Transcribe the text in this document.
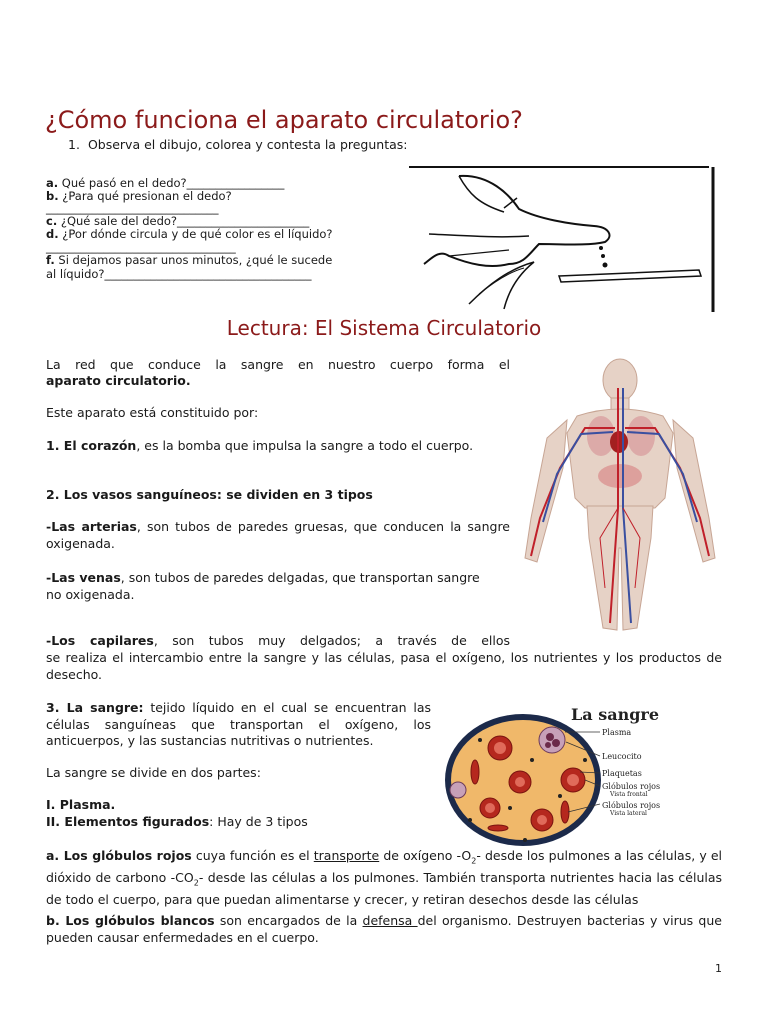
¿Cómo funciona el aparato circulatorio?
1. Observa el dibujo, colorea y contesta la preguntas:
a. Qué pasó en el dedo?_________________
b. ¿Para qué presionan el dedo?
______________________________
c. ¿Qué sale del dedo?_______________________
d. ¿Por dónde circula y de qué color es el líquido?
_________________________________
f. Si dejamos pasar unos minutos, ¿qué le sucede
al líquido?____________________________________
Lectura: El Sistema Circulatorio
La red que conduce la sangre en nuestro cuerpo forma el
aparato circulatorio.
Este aparato está constituido por:
1. El corazón, es la bomba que impulsa la sangre a todo el cuerpo.
2. Los vasos sanguíneos: se dividen en 3 tipos
-Las arterias, son tubos de paredes gruesas, que conducen la sangre oxigenada.
-Las venas, son tubos de paredes delgadas, que transportan sangre
no oxigenada.
-Los capilares, son tubos muy delgados; a través de ellos
se realiza el intercambio entre la sangre y las células, pasa el oxígeno, los nutrientes y los productos de desecho.
3. La sangre: tejido líquido en el cual se encuentran las células sanguíneas que transportan el oxígeno, los anticuerpos, y las sustancias nutritivas o nutrientes.
La sangre se divide en dos partes:
I. Plasma.
II. Elementos figurados: Hay de 3 tipos
La sangre
Plasma
Leucocito
Plaquetas
Glóbulos rojos
Vista frontal
Glóbulos rojos
Vista lateral
a. Los glóbulos rojos cuya función es el transporte de oxígeno $-O_2-$ desde los pulmones a las células, y el dióxido de carbono $-CO_2-$ desde las células a los pulmones. También transporta nutrientes hacia las células de todo el cuerpo, para que puedan alimentarse y crecer, y retiran desechos desde las células
b. Los glóbulos blancos son encargados de la defensa del organismo. Destruyen bacterias y virus que pueden causar enfermedades en el cuerpo.
1
